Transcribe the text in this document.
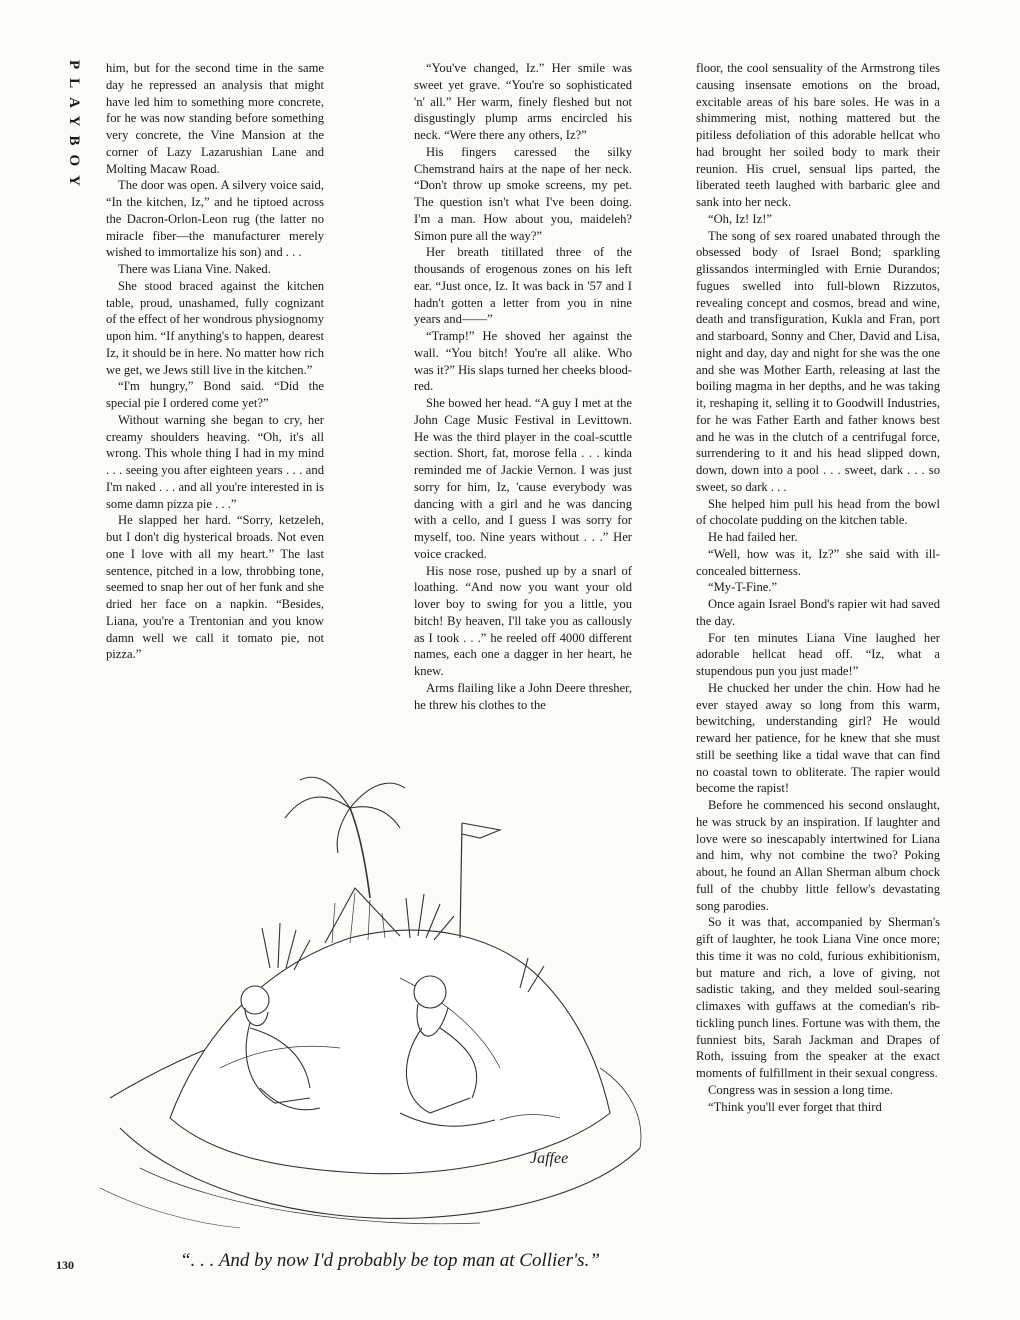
PLAYBOY him, but for the second time in the same day he repressed an analysis that might have led him to something more concrete, for he was now standing before something very concrete, the Vine Mansion at the corner of Lazy Lazarushian Lane and Molting Macaw Road.

The door was open. A silvery voice said, “In the kitchen, Iz,” and he tiptoed across the Dacron-Orlon-Leon rug (the latter no miracle fiber—the manufacturer merely wished to immortalize his son) and . . .

There was Liana Vine. Naked.

She stood braced against the kitchen table, proud, unashamed, fully cognizant of the effect of her wondrous physiognomy upon him. “If anything's to happen, dearest Iz, it should be in here. No matter how rich we get, we Jews still live in the kitchen.”

“I'm hungry,” Bond said. “Did the special pie I ordered come yet?”

Without warning she began to cry, her creamy shoulders heaving. “Oh, it's all wrong. This whole thing I had in my mind . . . seeing you after eighteen years . . . and I'm naked . . . and all you're interested in is some damn pizza pie . . .”

He slapped her hard. “Sorry, ketzeleh, but I don't dig hysterical broads. Not even one I love with all my heart.” The last sentence, pitched in a low, throbbing tone, seemed to snap her out of her funk and she dried her face on a napkin. “Besides, Liana, you're a Trentonian and you know damn well we call it tomato pie, not pizza.”

“You've changed, Iz.” Her smile was sweet yet grave. “You're so sophisticated 'n' all.” Her warm, finely fleshed but not disgustingly plump arms encircled his neck. “Were there any others, Iz?”

His fingers caressed the silky Chemstrand hairs at the nape of her neck. “Don't throw up smoke screens, my pet. The question isn't what I've been doing. I'm a man. How about you, maideleh? Simon pure all the way?”

Her breath titillated three of the thousands of erogenous zones on his left ear. “Just once, Iz. It was back in '57 and I hadn't gotten a letter from you in nine years and——”

“Tramp!” He shoved her against the wall. “You bitch! You're all alike. Who was it?” His slaps turned her cheeks blood-red.

She bowed her head. “A guy I met at the John Cage Music Festival in Levittown. He was the third player in the coal-scuttle section. Short, fat, morose fella . . . kinda reminded me of Jackie Vernon. I was just sorry for him, Iz, 'cause everybody was dancing with a girl and he was dancing with a cello, and I guess I was sorry for myself, too. Nine years without . . .” Her voice cracked.

His nose rose, pushed up by a snarl of loathing. “And now you want your old lover boy to swing for you a little, you bitch! By heaven, I'll take you as callously as I took . . .” he reeled off 4000 different names, each one a dagger in her heart, he knew.

Arms flailing like a John Deere thresher, he threw his clothes to the

floor, the cool sensuality of the Armstrong tiles causing insensate emotions on the broad, excitable areas of his bare soles. He was in a shimmering mist, nothing mattered but the pitiless defoliation of this adorable hellcat who had brought her soiled body to mark their reunion. His cruel, sensual lips parted, the liberated teeth laughed with barbaric glee and sank into her neck.

“Oh, Iz! Iz!”

The song of sex roared unabated through the obsessed body of Israel Bond; sparkling glissandos intermingled with Ernie Durandos; fugues swelled into full-blown Rizzutos, revealing concept and cosmos, bread and wine, death and transfiguration, Kukla and Fran, port and starboard, Sonny and Cher, David and Lisa, night and day, day and night for she was the one and she was Mother Earth, releasing at last the boiling magma in her depths, and he was taking it, reshaping it, selling it to Goodwill Industries, for he was Father Earth and father knows best and he was in the clutch of a centrifugal force, surrendering to it and his head slipped down, down, down into a pool . . . sweet, dark . . . so sweet, so dark . . .

She helped him pull his head from the bowl of chocolate pudding on the kitchen table.

He had failed her.

“Well, how was it, Iz?” she said with ill-concealed bitterness.

“My-T-Fine.”

Once again Israel Bond's rapier wit had saved the day.

For ten minutes Liana Vine laughed her adorable hellcat head off. “Iz, what a stupendous pun you just made!”

He chucked her under the chin. How had he ever stayed away so long from this warm, bewitching, understanding girl? He would reward her patience, for he knew that she must still be seething like a tidal wave that can find no coastal town to obliterate. The rapier would become the rapist!

Before he commenced his second onslaught, he was struck by an inspiration. If laughter and love were so inescapably intertwined for Liana and him, why not combine the two? Poking about, he found an Allan Sherman album chock full of the chubby little fellow's devastating song parodies.

So it was that, accompanied by Sherman's gift of laughter, he took Liana Vine once more; this time it was no cold, furious exhibitionism, but mature and rich, a love of giving, not sadistic taking, and they melded soul-searing climaxes with guffaws at the comedian's rib-tickling punch lines. Fortune was with them, the funniest bits, Sarah Jackman and Drapes of Roth, issuing from the speaker at the exact moments of fulfillment in their sexual congress.

Congress was in session a long time.

“Think you'll ever forget that third

Jaffee
“. . . And by now I'd probably be top man at Collier's.”
130
